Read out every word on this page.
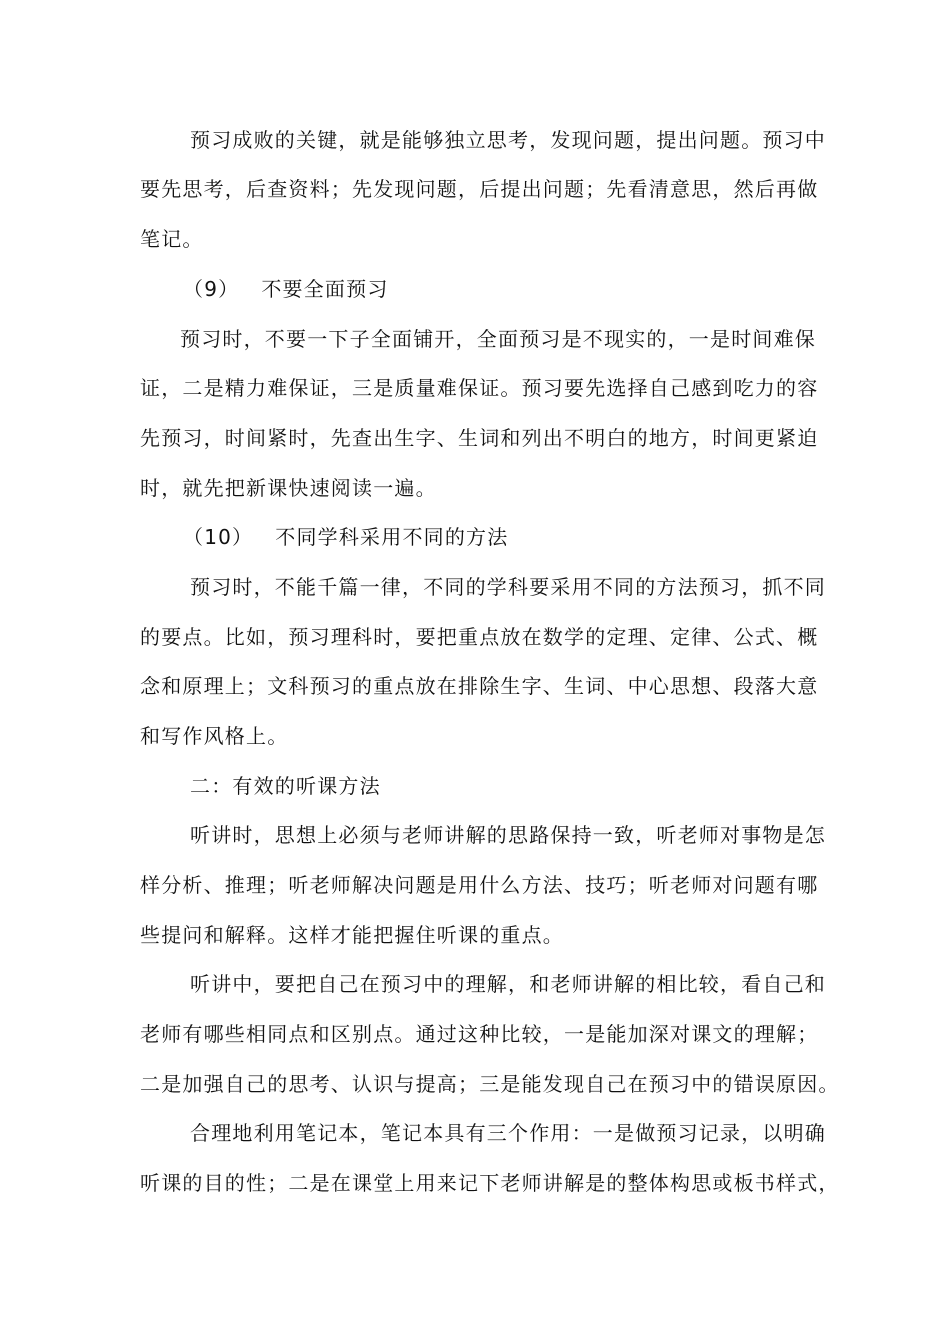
预习成败的关键，就是能够独立思考，发现问题，提出问题。预习中
要先思考，后查资料；先发现问题，后提出问题；先看清意思，然后再做
笔记。
（9） 不要全面预习
预习时，不要一下子全面铺开，全面预习是不现实的，一是时间难保
证，二是精力难保证，三是质量难保证。预习要先选择自己感到吃力的容
先预习，时间紧时，先查出生字、生词和列出不明白的地方，时间更紧迫
时，就先把新课快速阅读一遍。
（10） 不同学科采用不同的方法
预习时，不能千篇一律，不同的学科要采用不同的方法预习，抓不同
的要点。比如，预习理科时，要把重点放在数学的定理、定律、公式、概
念和原理上；文科预习的重点放在排除生字、生词、中心思想、段落大意
和写作风格上。
二：有效的听课方法
听讲时，思想上必须与老师讲解的思路保持一致，听老师对事物是怎
样分析、推理；听老师解决问题是用什么方法、技巧；听老师对问题有哪
些提问和解释。这样才能把握住听课的重点。
听讲中，要把自己在预习中的理解，和老师讲解的相比较，看自己和
老师有哪些相同点和区别点。通过这种比较，一是能加深对课文的理解；
二是加强自己的思考、认识与提高；三是能发现自己在预习中的错误原因。
合理地利用笔记本，笔记本具有三个作用：一是做预习记录，以明确
听课的目的性；二是在课堂上用来记下老师讲解是的整体构思或板书样式，
